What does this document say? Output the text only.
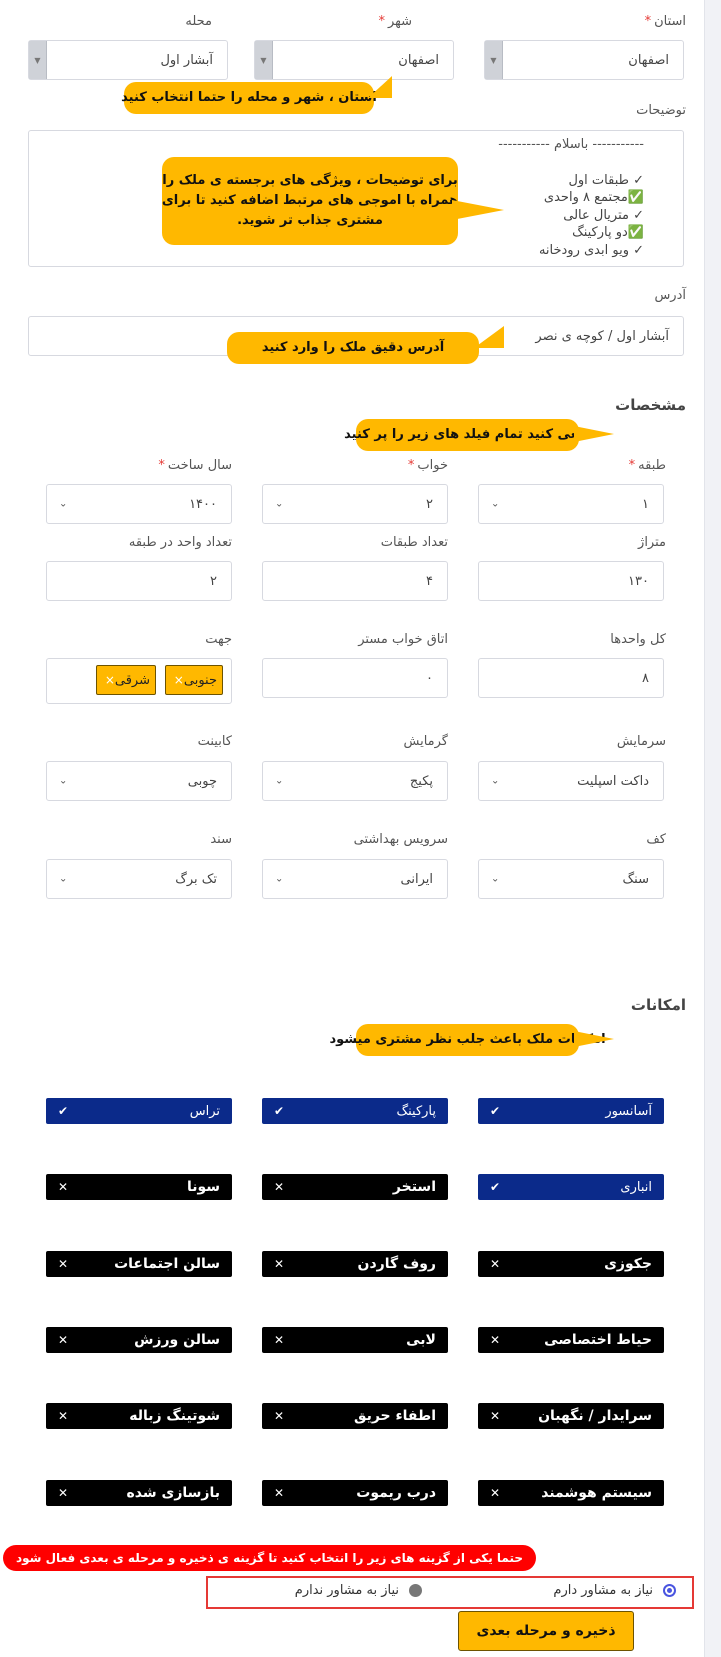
استان*
شهر*
محله
اصفهان
▼
اصفهان
▼
آبشار اول
▼
استان ، شهر و محله را حتما انتخاب کنید
توضیحات
----------- باسلام -----------
✓ طبقات اول
✅مجتمع ۸ واحدی
✓ متریال عالی
✅دو پارکینگ
✓ ویو ابدی رودخانه
برای توضیحات ، ویژگی های برجسته ی ملک را
همراه با اموجی های مرتبط اضافه کنید تا برای
مشتری جذاب تر شوید.
آدرس
آبشار اول / کوچه ی نصر
آدرس دقیق ملک را وارد کنید
مشخصات
سعی کنید تمام فیلد های زیر را پر کنید
طبقه*
خواب*
سال ساخت*
۱
⌄
۲
⌄
۱۴۰۰
⌄
متراژ
تعداد طبقات
تعداد واحد در طبقه
۱۳۰
۴
۲
کل واحدها
اتاق خواب مستر
جهت
۸
۰
جنوبی
×
شرقی
×
سرمایش
گرمایش
کابینت
داکت اسپلیت
⌄
پکیج
⌄
چوبی
⌄
کف
سرویس بهداشتی
سند
سنگ
⌄
ایرانی
⌄
تک برگ
⌄
امکانات
امکانات ملک باعث جلب نظر مشتری میشود
آسانسور
✔
پارکینگ
✔
تراس
✔
انباری
✔
استخر
✕
سونا
✕
جکوزی
✕
روف گاردن
✕
سالن اجتماعات
✕
حیاط اختصاصی
✕
لابی
✕
سالن ورزش
✕
سرایدار / نگهبان
✕
اطفاء حریق
✕
شوتینگ زباله
✕
سیستم هوشمند
✕
درب ریموت
✕
بازسازی شده
✕
حتما یکی از گزینه های زیر را انتخاب کنید تا گزینه ی ذخیره و مرحله ی بعدی فعال شود
نیاز به مشاور دارم
نیاز به مشاور ندارم
ذخیره و مرحله بعدی
